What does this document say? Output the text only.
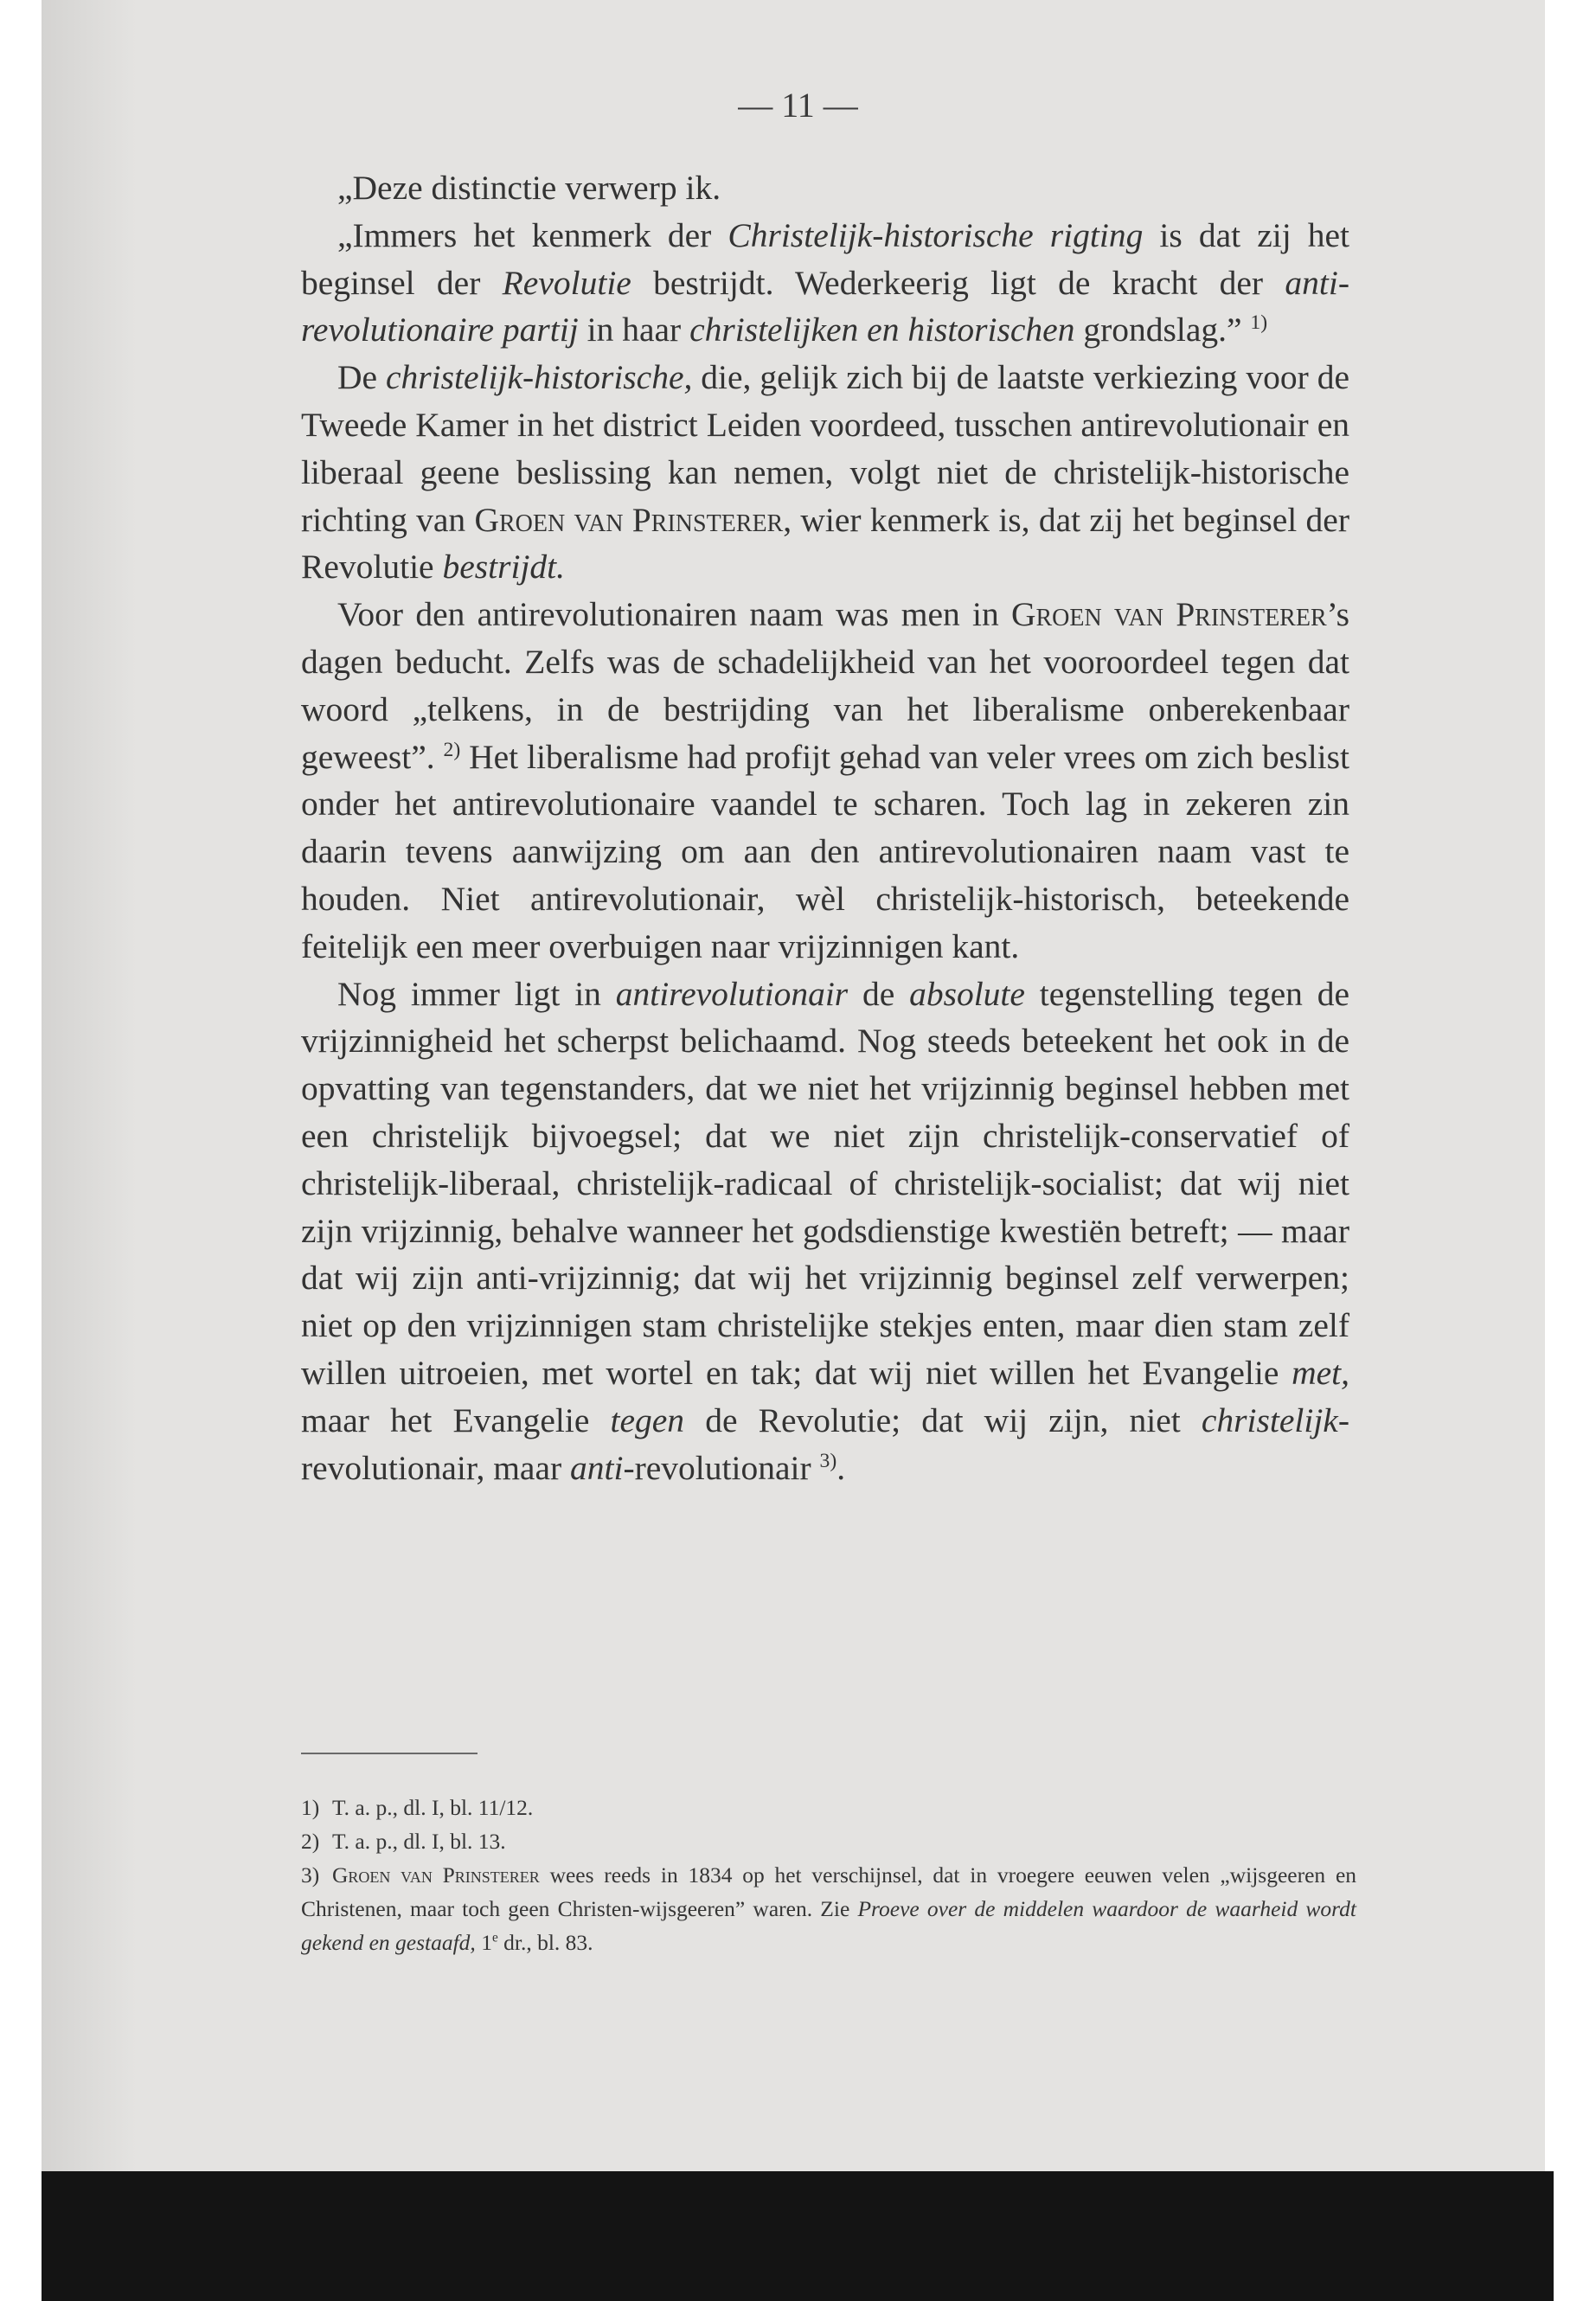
— 11 —

„Deze distinctie verwerp ik.

„Immers het kenmerk der Christelijk-historische rigting is dat zij het beginsel der Revolutie bestrijdt. Wederkeerig ligt de kracht der anti-revolutionaire partij in haar christelijken en historischen grondslag.” $^{1)}$

De christelijk-historische, die, gelijk zich bij de laatste verkiezing voor de Tweede Kamer in het district Leiden voordeed, tusschen antirevolutionair en liberaal geene beslissing kan nemen, volgt niet de christelijk-historische richting van Groen van Prinsterer, wier kenmerk is, dat zij het beginsel der Revolutie bestrijdt.

Voor den antirevolutionairen naam was men in Groen van Prinsterer’s dagen beducht. Zelfs was de schadelijkheid van het vooroordeel tegen dat woord „telkens, in de bestrijding van het liberalisme onberekenbaar geweest”. $^{2)}$ Het liberalisme had profijt gehad van veler vrees om zich beslist onder het antirevolutionaire vaandel te scharen. Toch lag in zekeren zin daarin tevens aanwijzing om aan den antirevolutionairen naam vast te houden. Niet antirevolutionair, wèl christelijk-historisch, beteekende feitelijk een meer overbuigen naar vrijzinnigen kant.

Nog immer ligt in antirevolutionair de absolute tegenstelling tegen de vrijzinnigheid het scherpst belichaamd. Nog steeds beteekent het ook in de opvatting van tegenstanders, dat we niet het vrijzinnig beginsel hebben met een christelijk bijvoegsel; dat we niet zijn christelijk-conservatief of christelijk-liberaal, christelijk-radicaal of christelijk-socialist; dat wij niet zijn vrijzinnig, behalve wanneer het godsdienstige kwestiën betreft; — maar dat wij zijn anti-vrijzinnig; dat wij het vrijzinnig beginsel zelf verwerpen; niet op den vrijzinnigen stam christelijke stekjes enten, maar dien stam zelf willen uitroeien, met wortel en tak; dat wij niet willen het Evangelie met, maar het Evangelie tegen de Revolutie; dat wij zijn, niet christelijk-revolutionair, maar anti-revolutionair $^{3)}$.

1) T. a. p., dl. I, bl. 11/12.

2) T. a. p., dl. I, bl. 13.

3) Groen van Prinsterer wees reeds in 1834 op het verschijnsel, dat in vroegere eeuwen velen „wijsgeeren en Christenen, maar toch geen Christen-wijsgeeren” waren. Zie Proeve over de middelen waardoor de waarheid wordt gekend en gestaafd, 1e dr., bl. 83.
